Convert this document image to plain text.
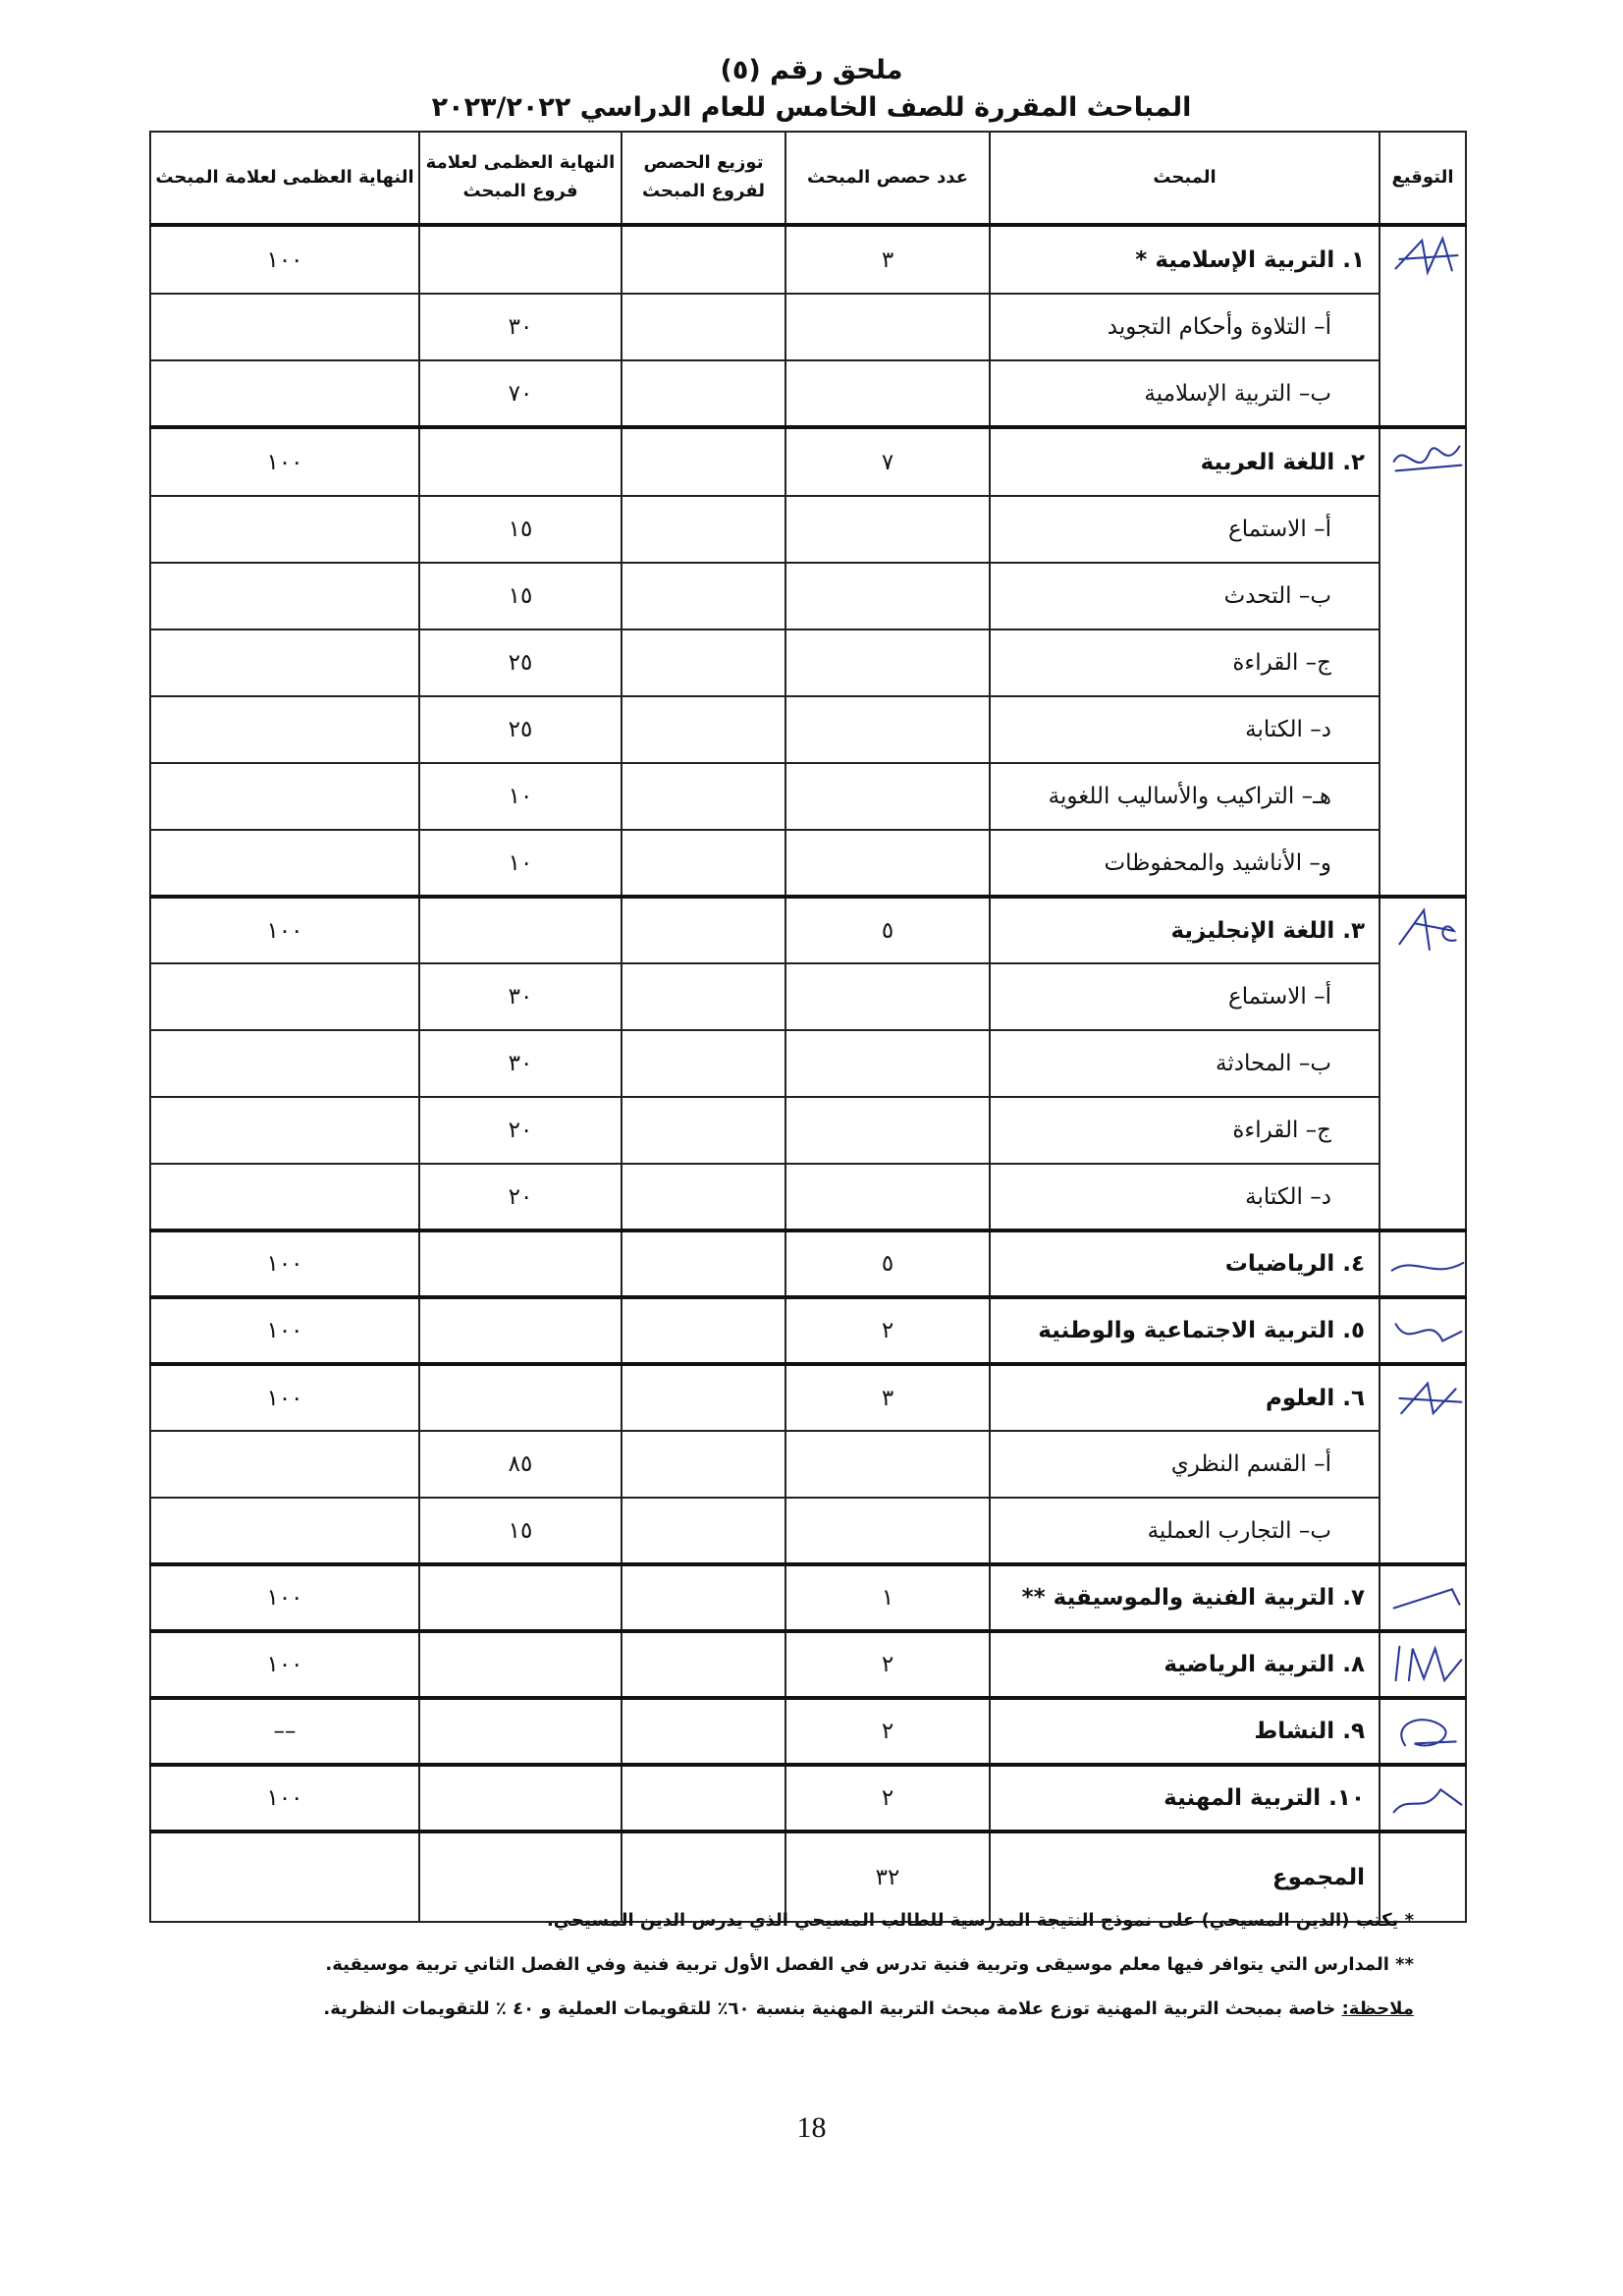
ملحق رقم (٥)
المباحث المقررة للصف الخامس للعام الدراسي ٢٠٢٣/٢٠٢٢
التوقيع	المبحث	عدد حصص المبحث	توزيع الحصص لفروع المبحث	النهاية العظمى لعلامة فروع المبحث	النهاية العظمى لعلامة المبحث

	١. التربية الإسلامية *	٣			١٠٠
	أ– التلاوة وأحكام التجويد			٣٠	
	ب– التربية الإسلامية			٧٠	

	٢. اللغة العربية	٧			١٠٠
	أ– الاستماع			١٥	
	ب– التحدث			١٥	
	ج– القراءة			٢٥	
	د– الكتابة			٢٥	
	هـ– التراكيب والأساليب اللغوية			١٠	
	و– الأناشيد والمحفوظات			١٠	

	٣. اللغة الإنجليزية	٥			١٠٠
	أ– الاستماع			٣٠	
	ب– المحادثة			٣٠	
	ج– القراءة			٢٠	
	د– الكتابة			٢٠	

	٤. الرياضيات	٥			١٠٠

	٥. التربية الاجتماعية والوطنية	٢			١٠٠

	٦. العلوم	٣			١٠٠
	أ– القسم النظري			٨٥	
	ب– التجارب العملية			١٥	

	٧. التربية الفنية والموسيقية **	١			١٠٠

	٨. التربية الرياضية	٢			١٠٠

	٩. النشاط	٢			––

	١٠. التربية المهنية	٢			١٠٠
	المجموع	٣٢			
* يكتب (الدين المسيحي) على نموذج النتيجة المدرسية للطالب المسيحي الذي يدرس الدين المسيحي.
** المدارس التي يتوافر فيها معلم موسيقى وتربية فنية تدرس في الفصل الأول تربية فنية وفي الفصل الثاني تربية موسيقية.
ملاحظة: خاصة بمبحث التربية المهنية توزع علامة مبحث التربية المهنية بنسبة ٦٠٪ للتقويمات العملية و ٤٠ ٪ للتقويمات النظرية.
18
